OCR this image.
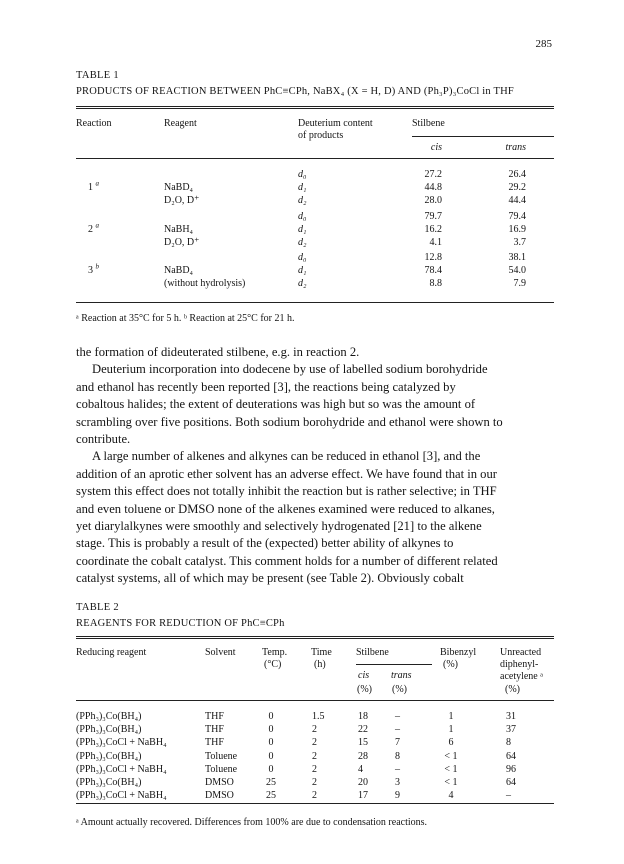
285
TABLE 1
PRODUCTS OF REACTION BETWEEN PhC≡CPh, NaBX₄ (X = H, D) AND (Ph₃P)₃CoCl in THF
Reaction	Reagent	Deuterium content
of products
Stilbene
cis	trans
1 $^a$	NaBD₄
D₂O, D⁺
d₀	27.2	26.4
d₁	44.8	29.2
d₂	28.0	44.4
2 $^a$	NaBH₄
D₂O, D⁺
d₀	79.7	79.4
d₁	16.2	16.9
d₂	4.1	3.7
3 $^b$	NaBD₄
(without hydrolysis)
d₀	12.8	38.1
d₁	78.4	54.0
d₂	8.8	7.9
ᵃ Reaction at 35°C for 5 h. ᵇ Reaction at 25°C for 21 h.
the formation of dideuterated stilbene, e.g. in reaction 2.
Deuterium incorporation into dodecene by use of labelled sodium borohydride
and ethanol has recently been reported [3], the reactions being catalyzed by
cobaltous halides; the extent of deuterations was high but so was the amount of
scrambling over five positions. Both sodium borohydride and ethanol were shown to
contribute.
A large number of alkenes and alkynes can be reduced in ethanol [3], and the
addition of an aprotic ether solvent has an adverse effect. We have found that in our
system this effect does not totally inhibit the reaction but is rather selective; in THF
and even toluene or DMSO none of the alkenes examined were reduced to alkanes,
yet diarylalkynes were smoothly and selectively hydrogenated [21] to the alkene
stage. This is probably a result of the (expected) better ability of alkynes to
coordinate the cobalt catalyst. This comment holds for a number of different related
catalyst systems, all of which may be present (see Table 2). Obviously cobalt
TABLE 2
REAGENTS FOR REDUCTION OF PhC≡CPh
Reducing reagent	Solvent	Temp.
(°C)
Time
(h)
Stilbene
cis trans
(%) (%)
Bibenzyl
(%)
Unreacted
diphenyl-
acetylene ᵃ
(%)
(PPh₃)₃Co(BH₄)	THF	0	1.5	18	–	1	31
(PPh₃)₃Co(BH₄)	THF	0	2	22	–	1	37
(PPh₃)₃CoCl + NaBH₄	THF	0	2	15	7	6	8
(PPh₃)₃Co(BH₄)	Toluene	0	2	28	8	< 1	64
(PPh₃)₃CoCl + NaBH₄	Toluene	0	2	4	–	< 1	96
(PPh₃)₃Co(BH₄)	DMSO	25	2	20	3	< 1	64
(PPh₃)₃CoCl + NaBH₄	DMSO	25	2	17	9	4	–
ᵃ Amount actually recovered. Differences from 100% are due to condensation reactions.
